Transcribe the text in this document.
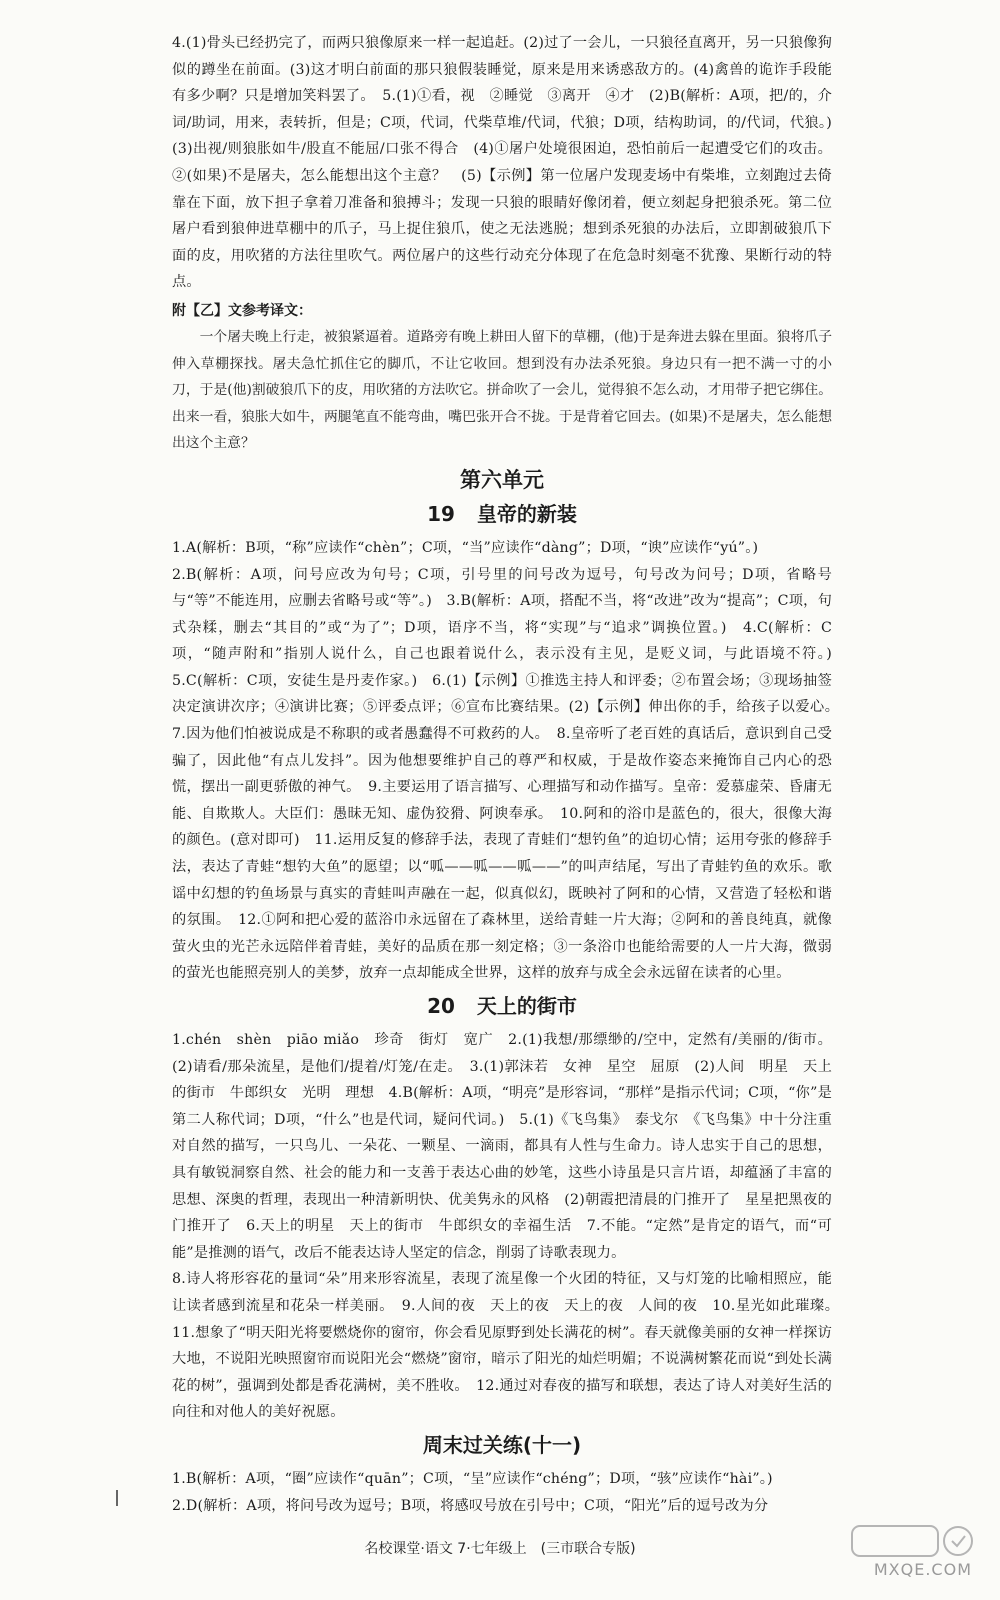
4.(1)骨头已经扔完了，而两只狼像原来一样一起追赶。(2)过了一会儿，一只狼径直离开，另一只狼像狗似的蹲坐在前面。(3)这才明白前面的那只狼假装睡觉，原来是用来诱惑敌方的。(4)禽兽的诡诈手段能有多少啊？只是增加笑料罢了。　5.(1)①看，视　②睡觉　③离开　④才　(2)B(解析：A项，把/的，介词/助词，用来，表转折，但是；C项，代词，代柴草堆/代词，代狼；D项，结构助词，的/代词，代狼。)　(3)出视/则狼胀如牛/股直不能屈/口张不得合　(4)①屠户处境很困迫，恐怕前后一起遭受它们的攻击。②(如果)不是屠夫，怎么能想出这个主意？　(5)【示例】第一位屠户发现麦场中有柴堆，立刻跑过去倚靠在下面，放下担子拿着刀准备和狼搏斗；发现一只狼的眼睛好像闭着，便立刻起身把狼杀死。第二位屠户看到狼伸进草棚中的爪子，马上捉住狼爪，使之无法逃脱；想到杀死狼的办法后，立即割破狼爪下面的皮，用吹猪的方法往里吹气。两位屠户的这些行动充分体现了在危急时刻毫不犹豫、果断行动的特点。

附【乙】文参考译文：

一个屠夫晚上行走，被狼紧逼着。道路旁有晚上耕田人留下的草棚，(他)于是奔进去躲在里面。狼将爪子伸入草棚探找。屠夫急忙抓住它的脚爪，不让它收回。想到没有办法杀死狼。身边只有一把不满一寸的小刀，于是(他)割破狼爪下的皮，用吹猪的方法吹它。拼命吹了一会儿，觉得狼不怎么动，才用带子把它绑住。出来一看，狼胀大如牛，两腿笔直不能弯曲，嘴巴张开合不拢。于是背着它回去。(如果)不是屠夫，怎么能想出这个主意？

第六单元
19 皇帝的新装

1.A(解析：B项，“称”应读作“chèn”；C项，“当”应读作“dàng”；D项，“谀”应读作“yú”。)

2.B(解析：A项，问号应改为句号；C项，引号里的问号改为逗号，句号改为问号；D项，省略号与“等”不能连用，应删去省略号或“等”。)　3.B(解析：A项，搭配不当，将“改进”改为“提高”；C项，句式杂糅，删去“其目的”或“为了”；D项，语序不当，将“实现”与“追求”调换位置。)　4.C(解析：C项，“随声附和”指别人说什么，自己也跟着说什么，表示没有主见，是贬义词，与此语境不符。)　5.C(解析：C项，安徒生是丹麦作家。)　6.(1)【示例】①推选主持人和评委；②布置会场；③现场抽签决定演讲次序；④演讲比赛；⑤评委点评；⑥宣布比赛结果。(2)【示例】伸出你的手，给孩子以爱心。　7.因为他们怕被说成是不称职的或者愚蠢得不可救药的人。　8.皇帝听了老百姓的真话后，意识到自己受骗了，因此他“有点儿发抖”。因为他想要维护自己的尊严和权威，于是故作姿态来掩饰自己内心的恐慌，摆出一副更骄傲的神气。　9.主要运用了语言描写、心理描写和动作描写。皇帝：爱慕虚荣、昏庸无能、自欺欺人。大臣们：愚昧无知、虚伪狡猾、阿谀奉承。　10.阿和的浴巾是蓝色的，很大，很像大海的颜色。(意对即可)　11.运用反复的修辞手法，表现了青蛙们“想钓鱼”的迫切心情；运用夸张的修辞手法，表达了青蛙“想钓大鱼”的愿望；以“呱——呱——呱——”的叫声结尾，写出了青蛙钓鱼的欢乐。歌谣中幻想的钓鱼场景与真实的青蛙叫声融在一起，似真似幻，既映衬了阿和的心情，又营造了轻松和谐的氛围。　12.①阿和把心爱的蓝浴巾永远留在了森林里，送给青蛙一片大海；②阿和的善良纯真，就像萤火虫的光芒永远陪伴着青蛙，美好的品质在那一刻定格；③一条浴巾也能给需要的人一片大海，微弱的萤光也能照亮别人的美梦，放弃一点却能成全世界，这样的放弃与成全会永远留在读者的心里。

20 天上的街市

1.chén　shèn　piāo miǎo　珍奇　街灯　宽广　2.(1)我想/那缥缈的/空中，定然有/美丽的/街市。(2)请看/那朵流星，是他们/提着/灯笼/在走。　3.(1)郭沫若　女神　星空　屈原　(2)人间　明星　天上的街市　牛郎织女　光明　理想　4.B(解析：A项，“明亮”是形容词，“那样”是指示代词；C项，“你”是第二人称代词；D项，“什么”也是代词，疑问代词。)　5.(1)《飞鸟集》　泰戈尔　《飞鸟集》中十分注重对自然的描写，一只鸟儿、一朵花、一颗星、一滴雨，都具有人性与生命力。诗人忠实于自己的思想，具有敏锐洞察自然、社会的能力和一支善于表达心曲的妙笔，这些小诗虽是只言片语，却蕴涵了丰富的思想、深奥的哲理，表现出一种清新明快、优美隽永的风格　(2)朝霞把清晨的门推开了　星星把黑夜的门推开了　6.天上的明星　天上的街市　牛郎织女的幸福生活　7.不能。“定然”是肯定的语气，而“可能”是推测的语气，改后不能表达诗人坚定的信念，削弱了诗歌表现力。

8.诗人将形容花的量词“朵”用来形容流星，表现了流星像一个火团的特征，又与灯笼的比喻相照应，能让读者感到流星和花朵一样美丽。　9.人间的夜　天上的夜　天上的夜　人间的夜　10.星光如此璀璨。　11.想象了“明天阳光将要燃烧你的窗帘，你会看见原野到处长满花的树”。春天就像美丽的女神一样探访大地，不说阳光映照窗帘而说阳光会“燃烧”窗帘，暗示了阳光的灿烂明媚；不说满树繁花而说“到处长满花的树”，强调到处都是香花满树，美不胜收。　12.通过对春夜的描写和联想，表达了诗人对美好生活的向往和对他人的美好祝愿。

周末过关练(十一)

1.B(解析：A项，“圈”应读作“quān”；C项，“呈”应读作“chéng”；D项，“骇”应读作“hài”。)

2.D(解析：A项，将问号改为逗号；B项，将感叹号放在引号中；C项，“阳光”后的逗号改为分

名校课堂·语文 7·七年级上　(三市联合专版)
MXQE.COM
